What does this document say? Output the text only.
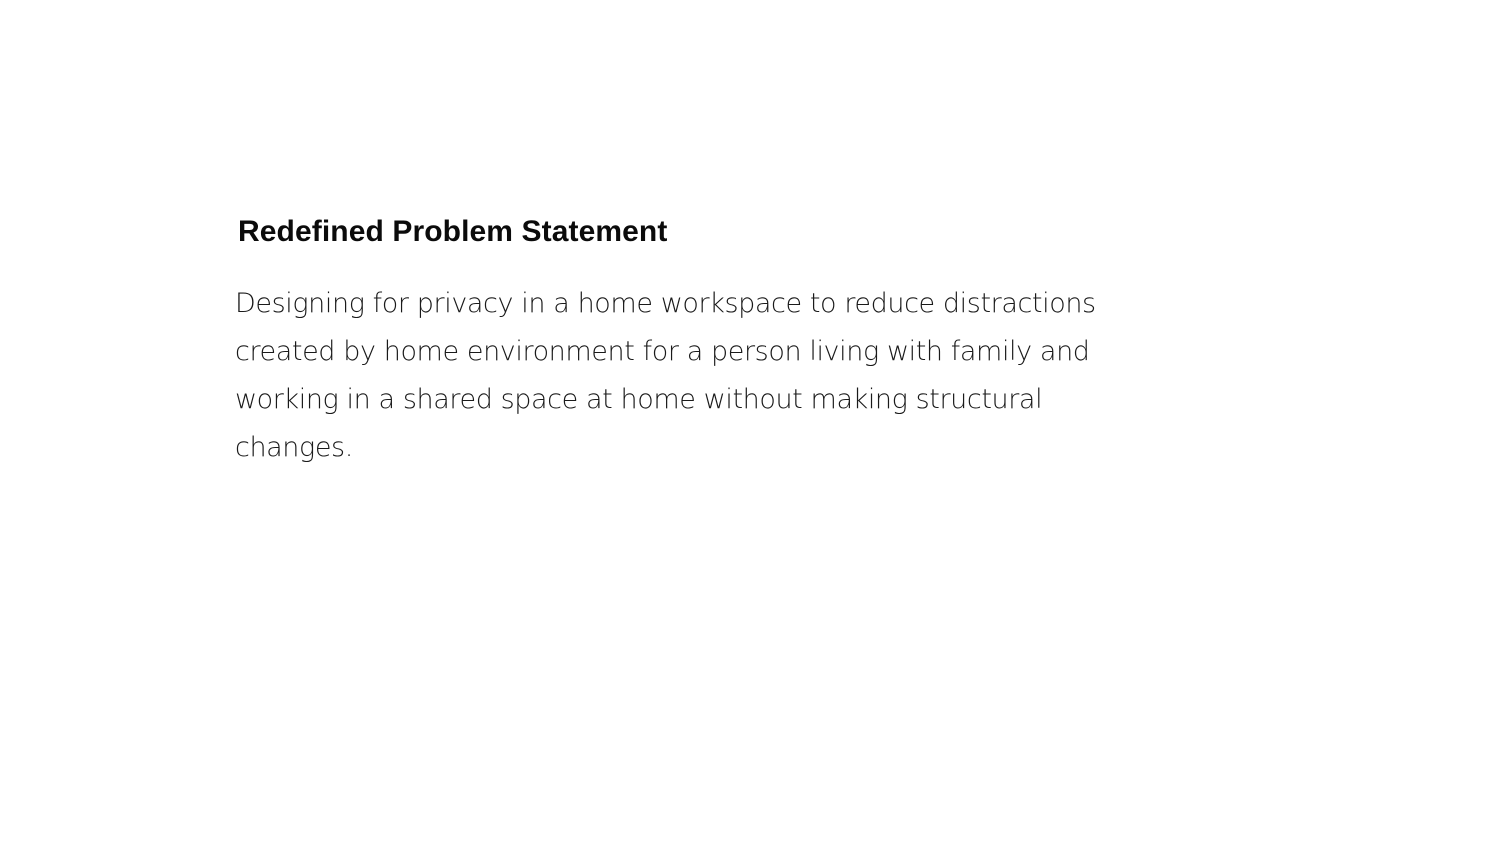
Redefined Problem Statement

Designing for privacy in a home workspace to reduce distractions created by home environment for a person living with family and working in a shared space at home without making structural changes.
